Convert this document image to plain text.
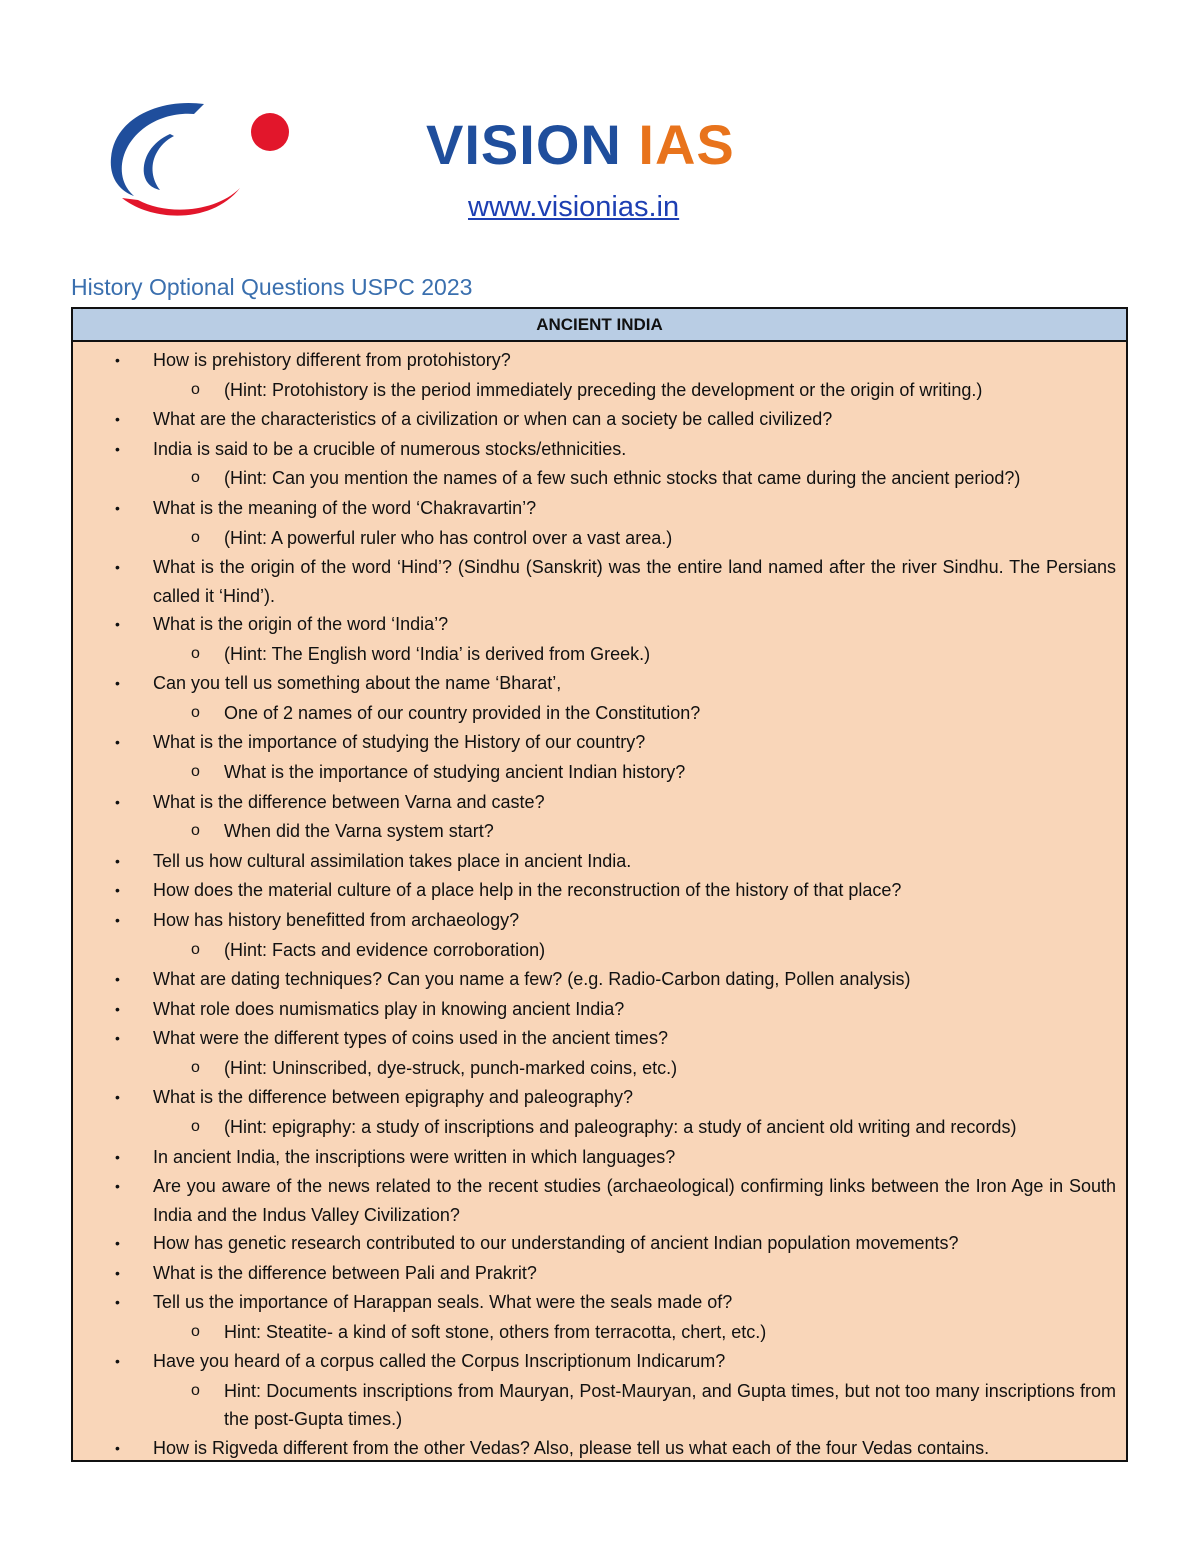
VISION IAS
www.visionias.in
History Optional Questions USPC 2023
ANCIENT INDIA
• How is prehistory different from protohistory?
o (Hint: Protohistory is the period immediately preceding the development or the origin of writing.)
• What are the characteristics of a civilization or when can a society be called civilized?
• India is said to be a crucible of numerous stocks/ethnicities.
o (Hint: Can you mention the names of a few such ethnic stocks that came during the ancient period?)
• What is the meaning of the word ‘Chakravartin’?
o (Hint: A powerful ruler who has control over a vast area.)
• What is the origin of the word ‘Hind’? (Sindhu (Sanskrit) was the entire land named after the river Sindhu. The Persians called it ‘Hind’).
• What is the origin of the word ‘India’?
o (Hint: The English word ‘India’ is derived from Greek.)
• Can you tell us something about the name ‘Bharat’,
o One of 2 names of our country provided in the Constitution?
• What is the importance of studying the History of our country?
o What is the importance of studying ancient Indian history?
• What is the difference between Varna and caste?
o When did the Varna system start?
• Tell us how cultural assimilation takes place in ancient India.
• How does the material culture of a place help in the reconstruction of the history of that place?
• How has history benefitted from archaeology?
o (Hint: Facts and evidence corroboration)
• What are dating techniques? Can you name a few? (e.g. Radio-Carbon dating, Pollen analysis)
• What role does numismatics play in knowing ancient India?
• What were the different types of coins used in the ancient times?
o (Hint: Uninscribed, dye-struck, punch-marked coins, etc.)
• What is the difference between epigraphy and paleography?
o (Hint: epigraphy: a study of inscriptions and paleography: a study of ancient old writing and records)
• In ancient India, the inscriptions were written in which languages?
• Are you aware of the news related to the recent studies (archaeological) confirming links between the Iron Age in South India and the Indus Valley Civilization?
• How has genetic research contributed to our understanding of ancient Indian population movements?
• What is the difference between Pali and Prakrit?
• Tell us the importance of Harappan seals. What were the seals made of?
o Hint: Steatite- a kind of soft stone, others from terracotta, chert, etc.)
• Have you heard of a corpus called the Corpus Inscriptionum Indicarum?
o Hint: Documents inscriptions from Mauryan, Post-Mauryan, and Gupta times, but not too many inscriptions from the post-Gupta times.)
• How is Rigveda different from the other Vedas? Also, please tell us what each of the four Vedas contains.
